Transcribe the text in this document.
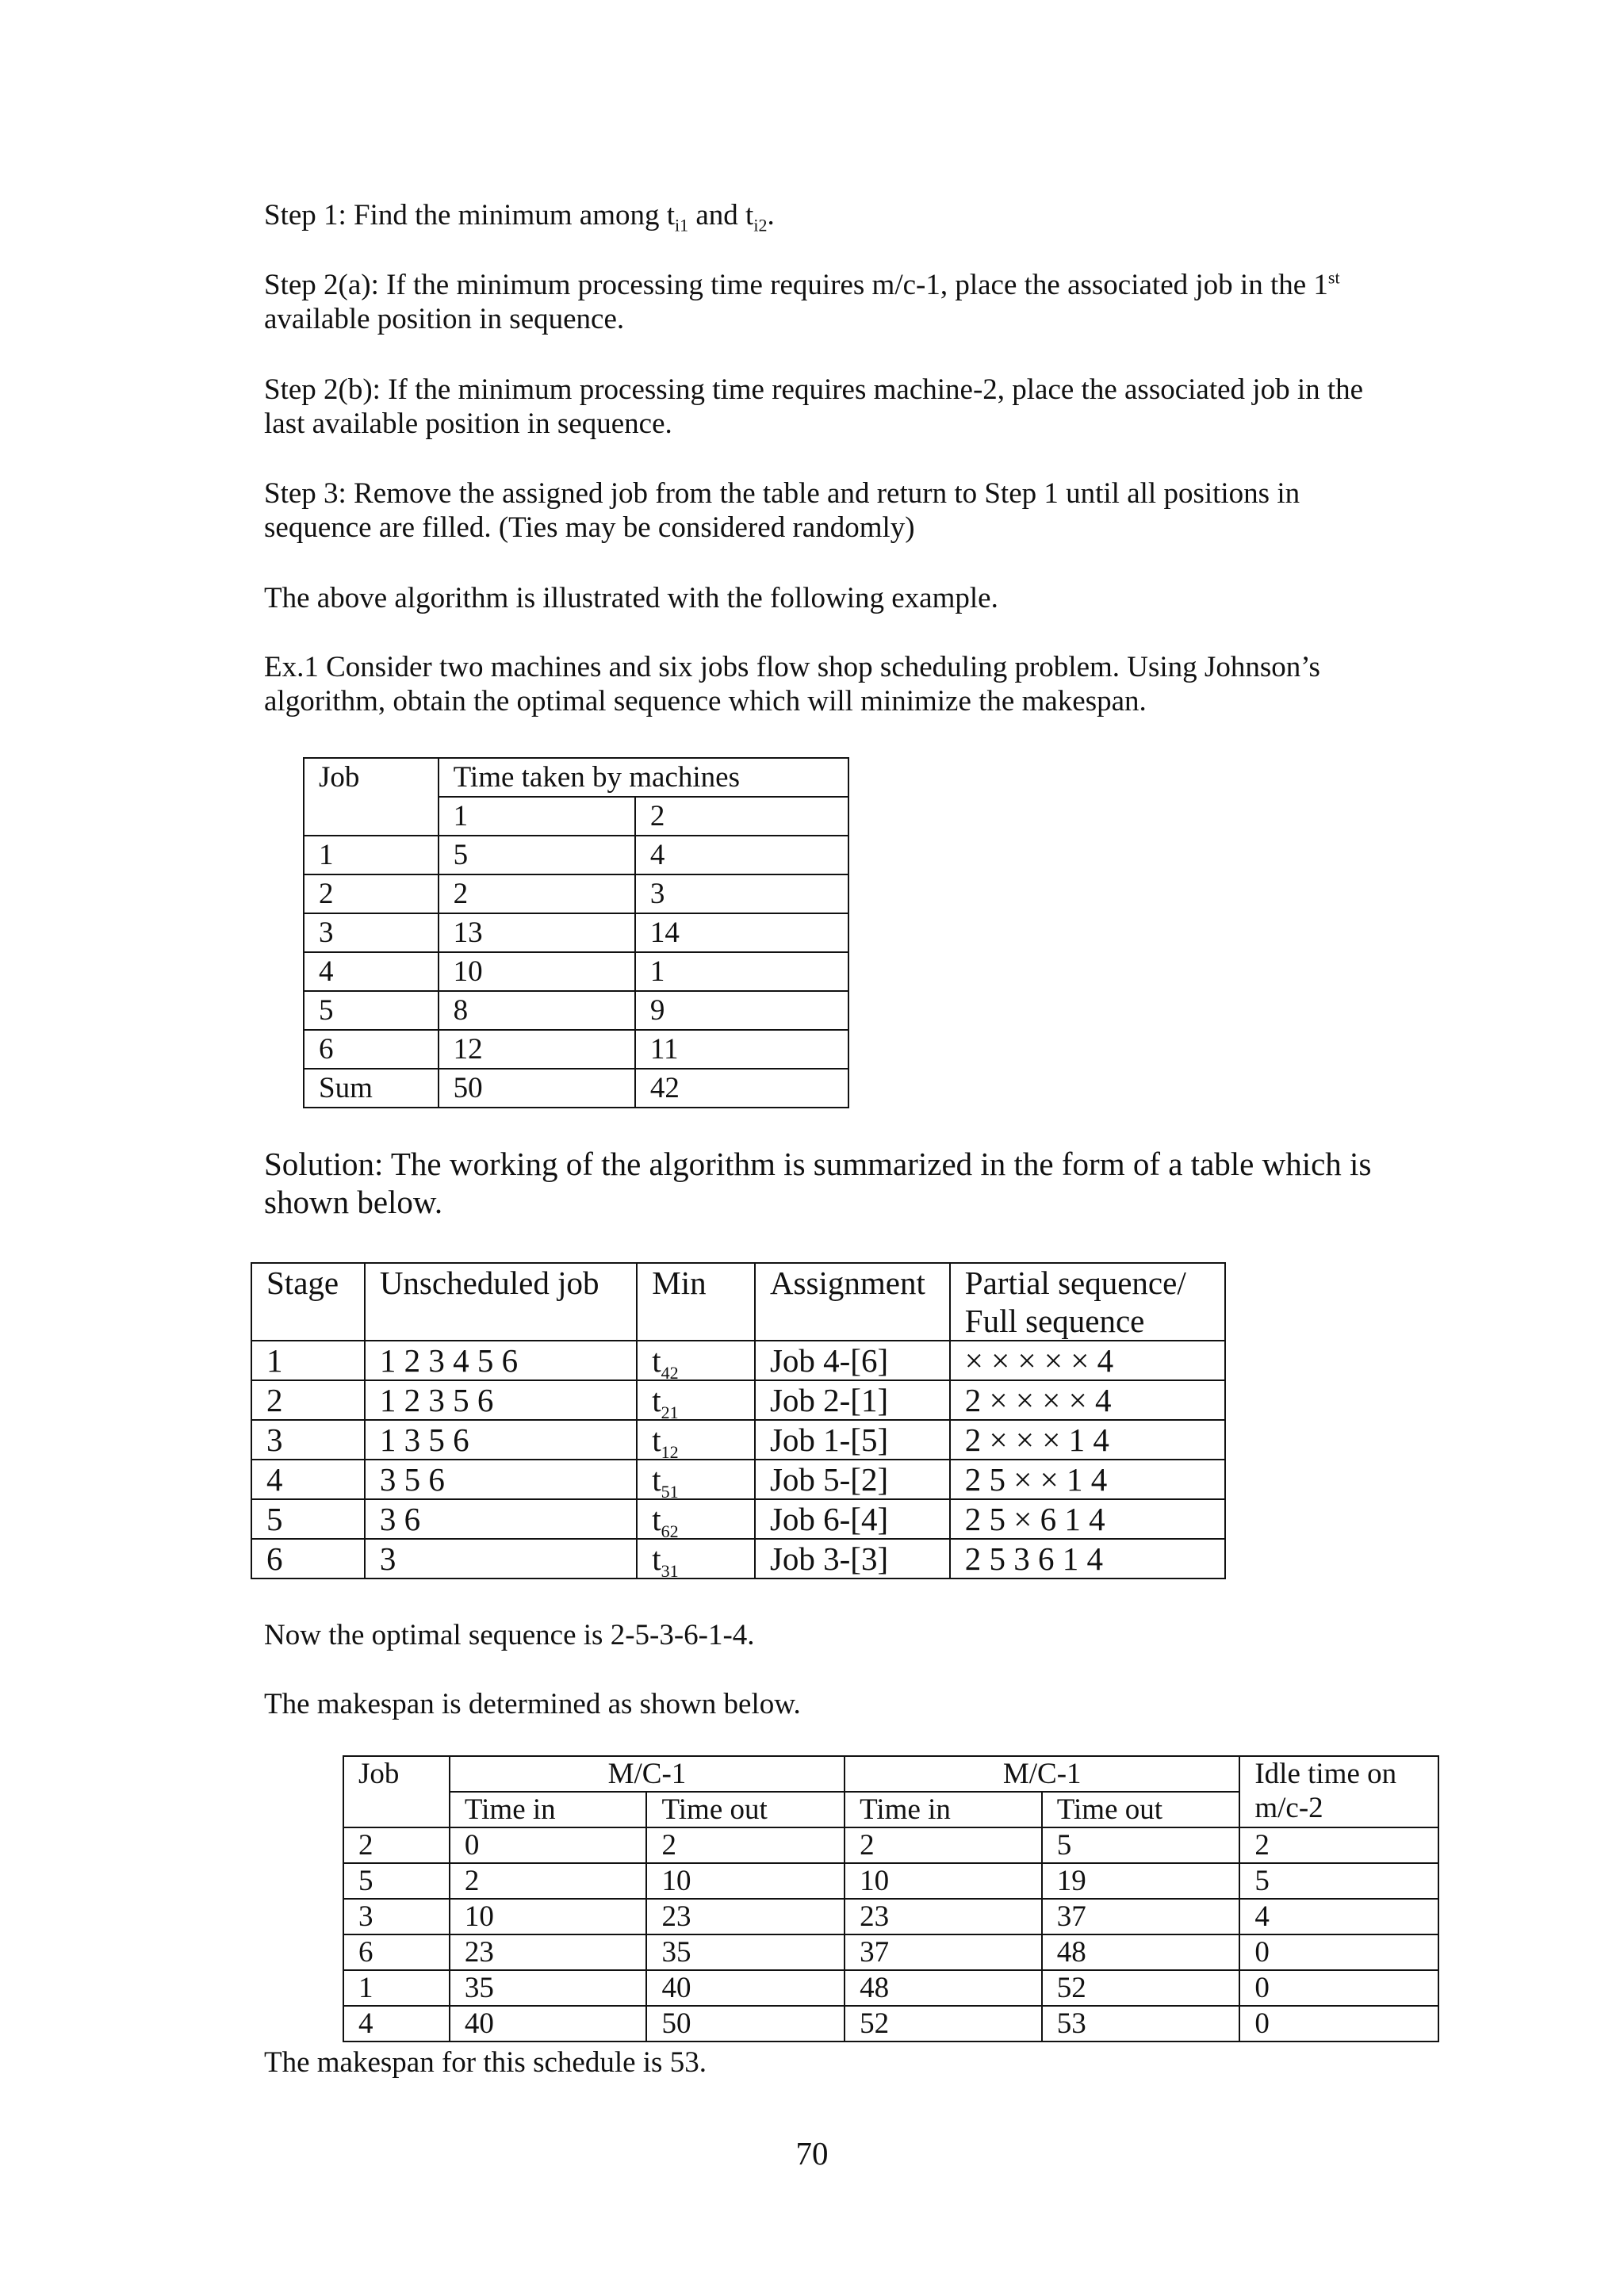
Step 1: Find the minimum among $t_{i1}$ and $t_{i2}$.

Step 2(a): If the minimum processing time requires m/c-1, place the associated job in the 1st available position in sequence.

Step 2(b): If the minimum processing time requires machine-2, place the associated job in the last available position in sequence.

Step 3: Remove the assigned job from the table and return to Step 1 until all positions in sequence are filled. (Ties may be considered randomly)

The above algorithm is illustrated with the following example.

Ex.1 Consider two machines and six jobs flow shop scheduling problem. Using Johnson’s algorithm, obtain the optimal sequence which will minimize the makespan.

Job	Time taken by machines	
	1	2
1	5	4
2	2	3
3	13	14
4	10	1
5	8	9
6	12	11
Sum	50	42

Solution: The working of the algorithm is summarized in the form of a table which is shown below.

Stage	Unscheduled job	Min	Assignment	Partial sequence/
Full sequence
1	1 2 3 4 5 6	$t_{42}$	Job 4-[6]	× × × × × 4
2	1 2 3 5 6	$t_{21}$	Job 2-[1]	2 × × × × 4
3	1 3 5 6	$t_{12}$	Job 1-[5]	2 × × × 1 4
4	3 5 6	$t_{51}$	Job 5-[2]	2 5 × × 1 4
5	3 6	$t_{62}$	Job 6-[4]	2 5 × 6 1 4
6	3	$t_{31}$	Job 3-[3]	2 5 3 6 1 4

Now the optimal sequence is 2-5-3-6-1-4.

The makespan is determined as shown below.

Job	M/C-1		M/C-1		Idle time on
m/c-2
	Time in	Time out	Time in	Time out	
2	0	2	2	5	2
5	2	10	10	19	5
3	10	23	23	37	4
6	23	35	37	48	0
1	35	40	48	52	0
4	40	50	52	53	0

The makespan for this schedule is 53.

70
